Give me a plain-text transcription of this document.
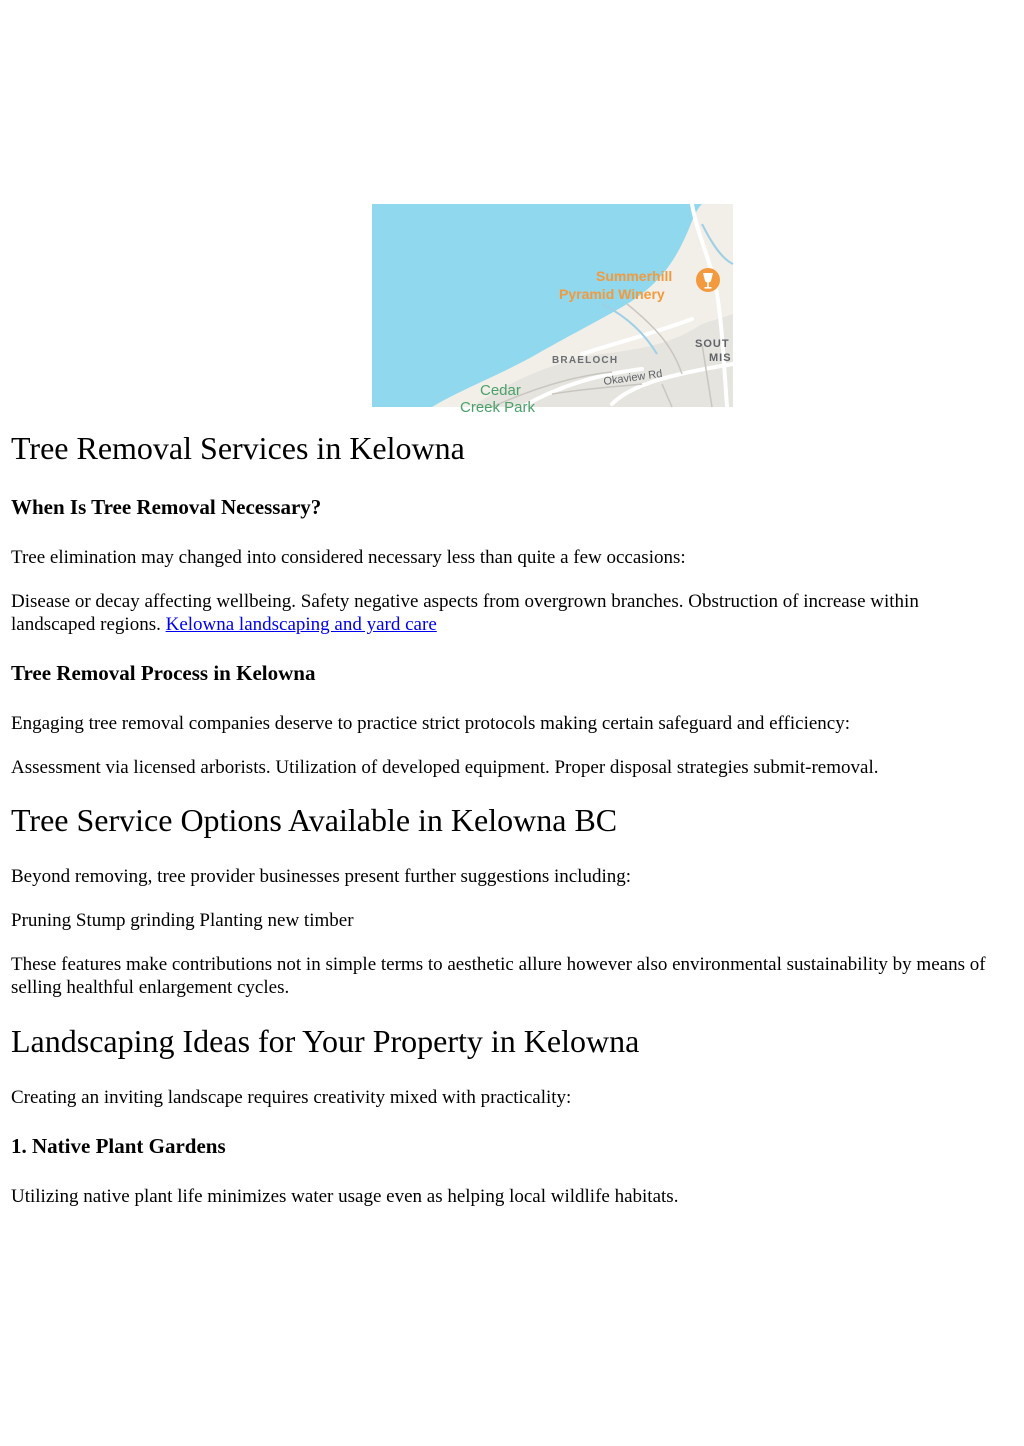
Summerhill
Pyramid Winery
SOUT
MIS
BRAELOCH
Okaview Rd
Cedar
Creek Park
Tree Removal Services in Kelowna
When Is Tree Removal Necessary?

Tree elimination may changed into considered necessary less than quite a few occasions:

Disease or decay affecting wellbeing. Safety negative aspects from overgrown branches. Obstruction of increase within landscaped regions. Kelowna landscaping and yard care

Tree Removal Process in Kelowna

Engaging tree removal companies deserve to practice strict protocols making certain safeguard and efficiency:

Assessment via licensed arborists. Utilization of developed equipment. Proper disposal strategies submit-removal.

Tree Service Options Available in Kelowna BC

Beyond removing, tree provider businesses present further suggestions including:

Pruning Stump grinding Planting new timber

These features make contributions not in simple terms to aesthetic allure however also environmental sustainability by means of selling healthful enlargement cycles.

Landscaping Ideas for Your Property in Kelowna

Creating an inviting landscape requires creativity mixed with practicality:

1. Native Plant Gardens

Utilizing native plant life minimizes water usage even as helping local wildlife habitats.
